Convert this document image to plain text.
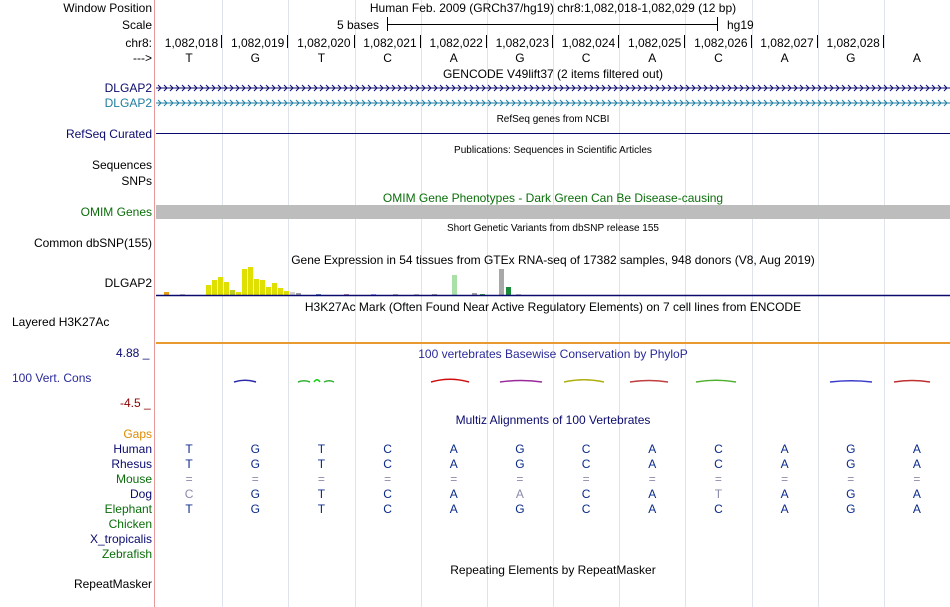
Window Position	Human Feb. 2009 (GRCh37/hg19) chr8:1,082,018-1,082,029 (12 bp)
Scale	5 bases	hg19
chr8:	1,082,018	1,082,019	1,082,020	1,082,021	1,082,022	1,082,023	1,082,024	1,082,025	1,082,026	1,082,027	1,082,028
--->	T	G	T	C	A	G	C	A	C	A	G	A
GENCODE V49lift37 (2 items filtered out)
DLGAP2
DLGAP2
RefSeq genes from NCBI
RefSeq Curated
Publications: Sequences in Scientific Articles
Sequences
SNPs
OMIM Gene Phenotypes - Dark Green Can Be Disease-causing
OMIM Genes
Short Genetic Variants from dbSNP release 155
Common dbSNP(155)
Gene Expression in 54 tissues from GTEx RNA-seq of 17382 samples, 948 donors (V8, Aug 2019)
DLGAP2
H3K27Ac Mark (Often Found Near Active Regulatory Elements) on 7 cell lines from ENCODE
Layered H3K27Ac
4.88 _	100 vertebrates Basewise Conservation by PhyloP
100 Vert. Cons
-4.5 _
Multiz Alignments of 100 Vertebrates
Gaps
Human	T	G	T	C	A	G	C	A	C	A	G	A
Rhesus	T	G	T	C	A	G	C	A	C	A	G	A
Mouse	=	=	=	=	=	=	=	=	=	=	=	=
Dog	C	G	T	C	A	A	C	A	T	A	G	A
Elephant	T	G	T	C	A	G	C	A	C	A	G	A
Chicken
X_tropicalis
Zebrafish
Repeating Elements by RepeatMasker
RepeatMasker
